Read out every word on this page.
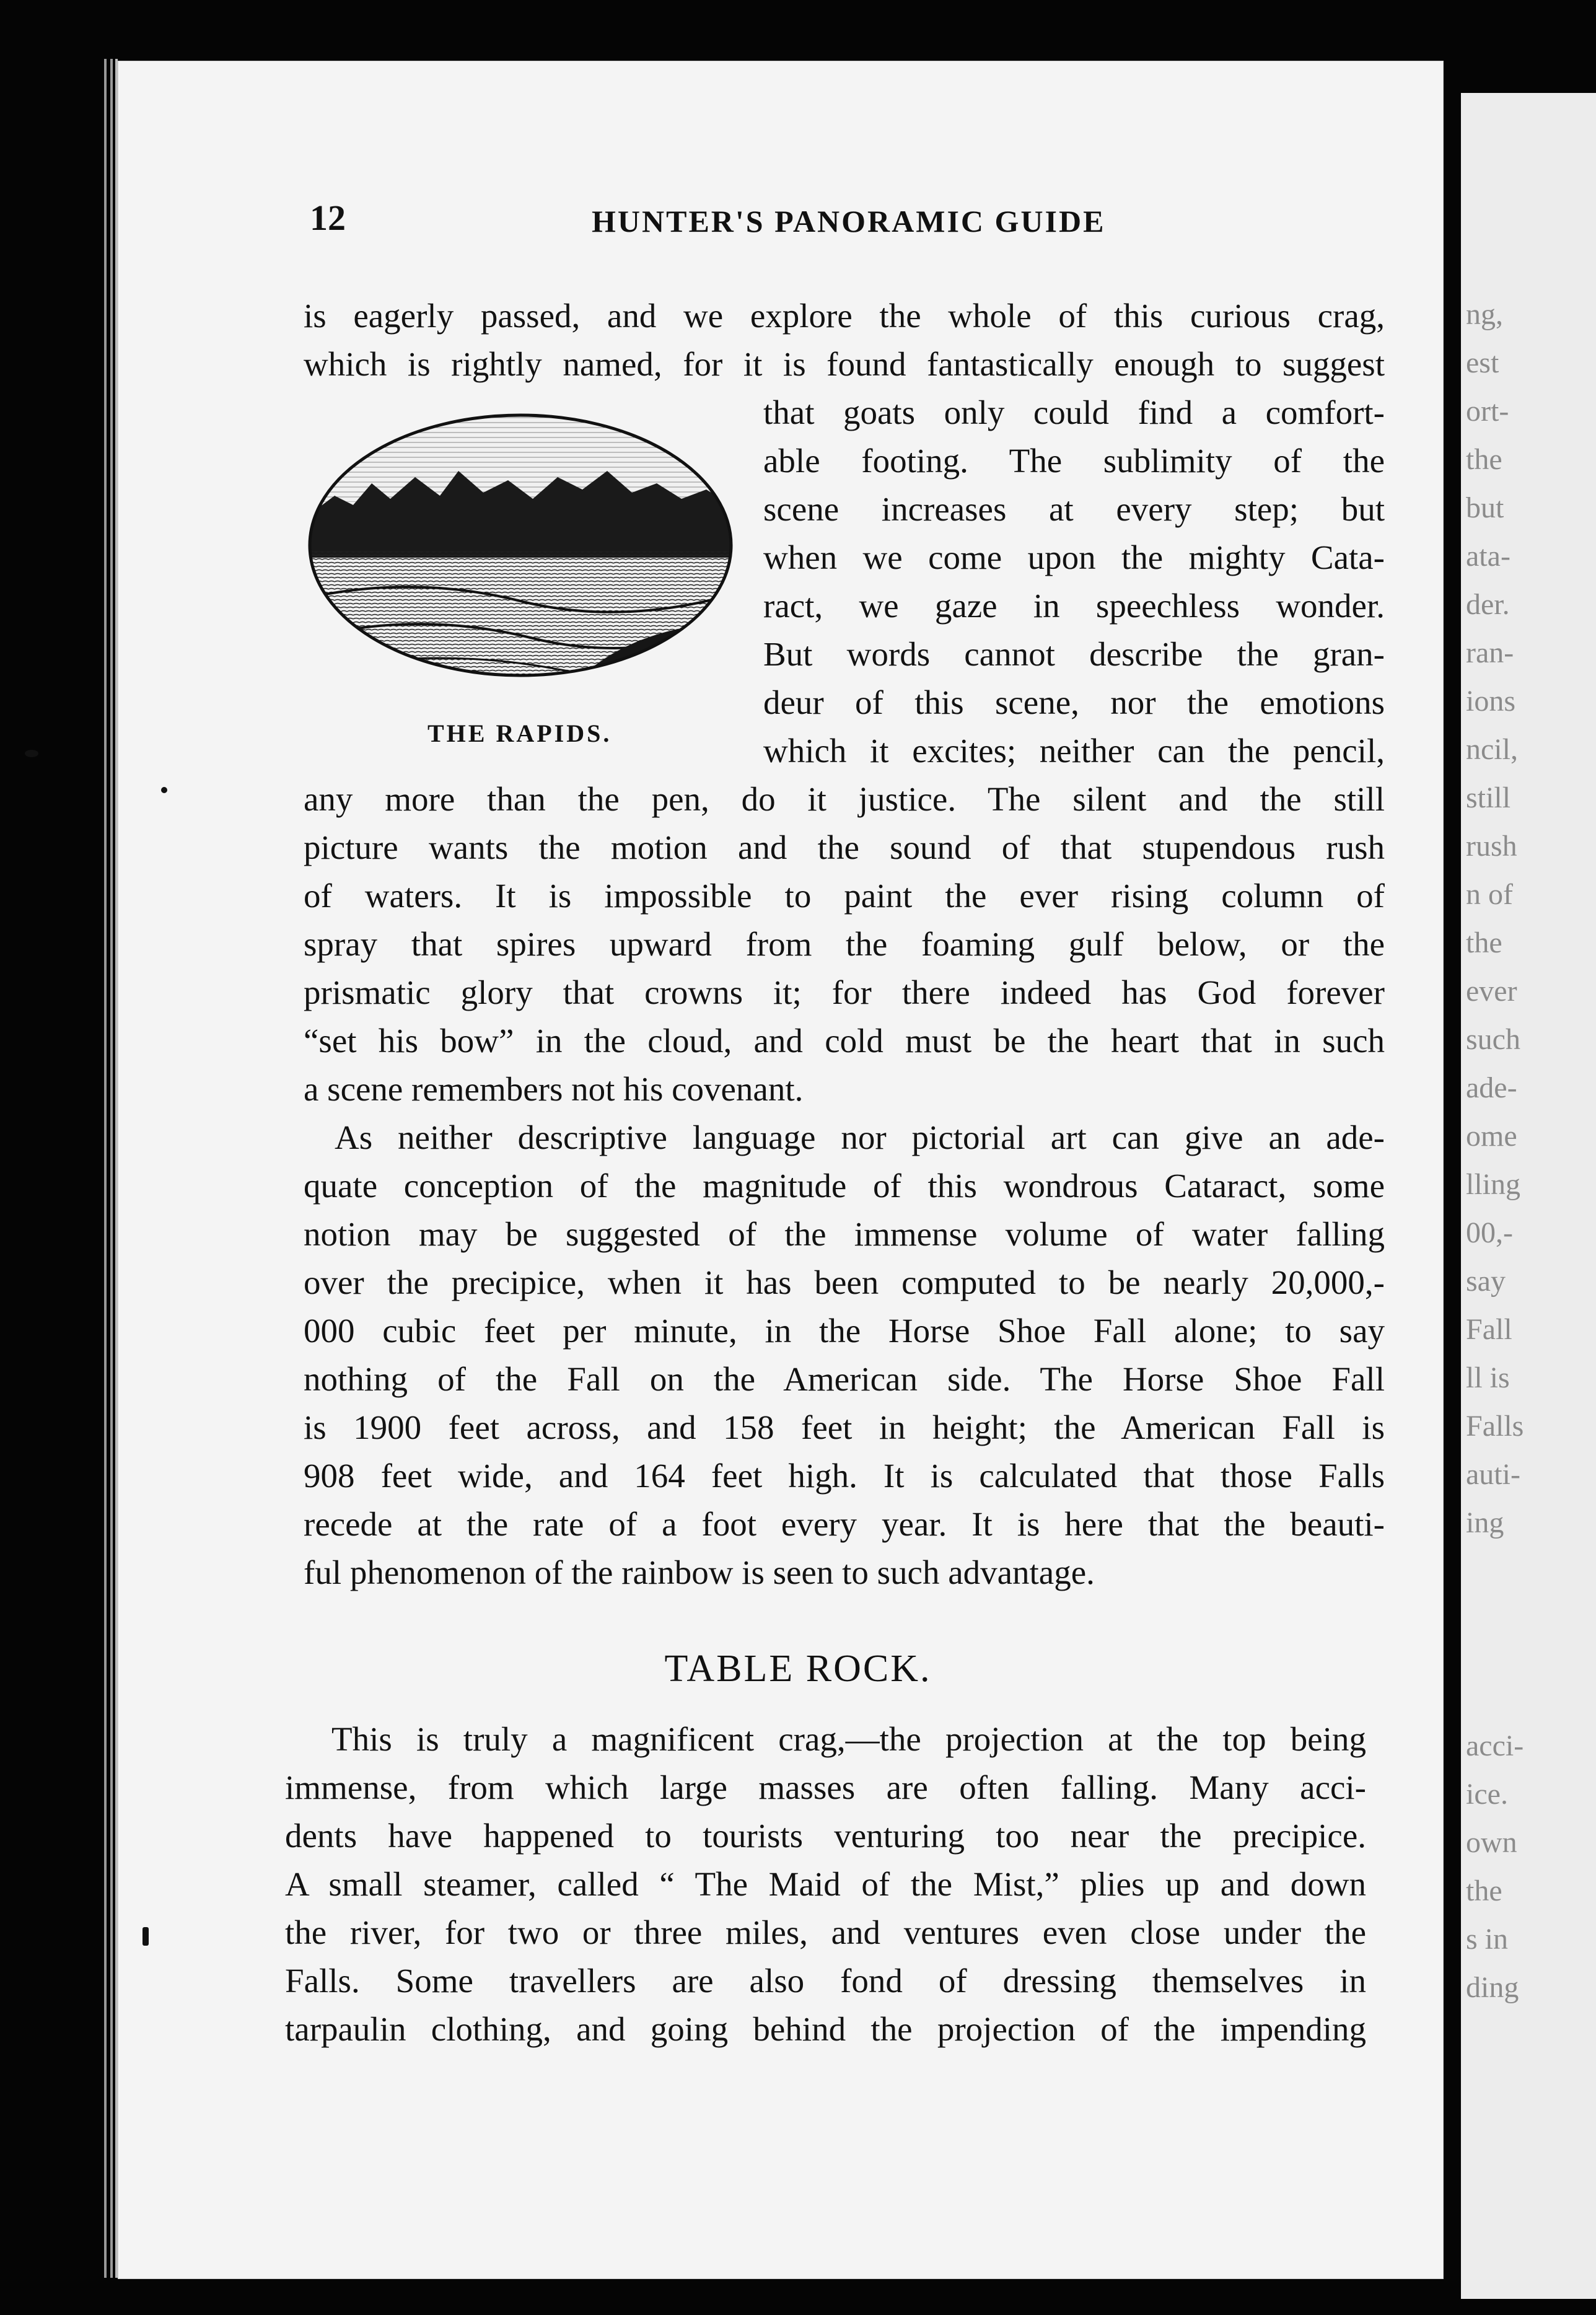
ng,
est
ort-
the
but
ata-
der.
ran-
ions
ncil,
still
rush
n of
the
ever
such
ade-
ome
lling
00,-
say
Fall
ll is
Falls
auti-
ing
acci-
ice.
own
the
s in
ding
12	HUNTER'S PANORAMIC GUIDE
THE RAPIDS.
is eagerly passed, and we explore the whole of this curious crag,
which is rightly named, for it is found fantastically enough to suggest
that goats only could find a comfort-
able footing. The sublimity of the
scene increases at every step; but
when we come upon the mighty Cata-
ract, we gaze in speechless wonder.
But words cannot describe the gran-
deur of this scene, nor the emotions
which it excites; neither can the pencil,
any more than the pen, do it justice. The silent and the still
picture wants the motion and the sound of that stupendous rush
of waters. It is impossible to paint the ever rising column of
spray that spires upward from the foaming gulf below, or the
prismatic glory that crowns it; for there indeed has God forever
“set his bow” in the cloud, and cold must be the heart that in such
a scene remembers not his covenant.
As neither descriptive language nor pictorial art can give an ade-
quate conception of the magnitude of this wondrous Cataract, some
notion may be suggested of the immense volume of water falling
over the precipice, when it has been computed to be nearly 20,000,-
000 cubic feet per minute, in the Horse Shoe Fall alone; to say
nothing of the Fall on the American side. The Horse Shoe Fall
is 1900 feet across, and 158 feet in height; the American Fall is
908 feet wide, and 164 feet high. It is calculated that those Falls
recede at the rate of a foot every year. It is here that the beauti-
ful phenomenon of the rainbow is seen to such advantage.
TABLE ROCK.
This is truly a magnificent crag,—the projection at the top being
immense, from which large masses are often falling. Many acci-
dents have happened to tourists venturing too near the precipice.
A small steamer, called “ The Maid of the Mist,” plies up and down
the river, for two or three miles, and ventures even close under the
Falls. Some travellers are also fond of dressing themselves in
tarpaulin clothing, and going behind the projection of the impending
